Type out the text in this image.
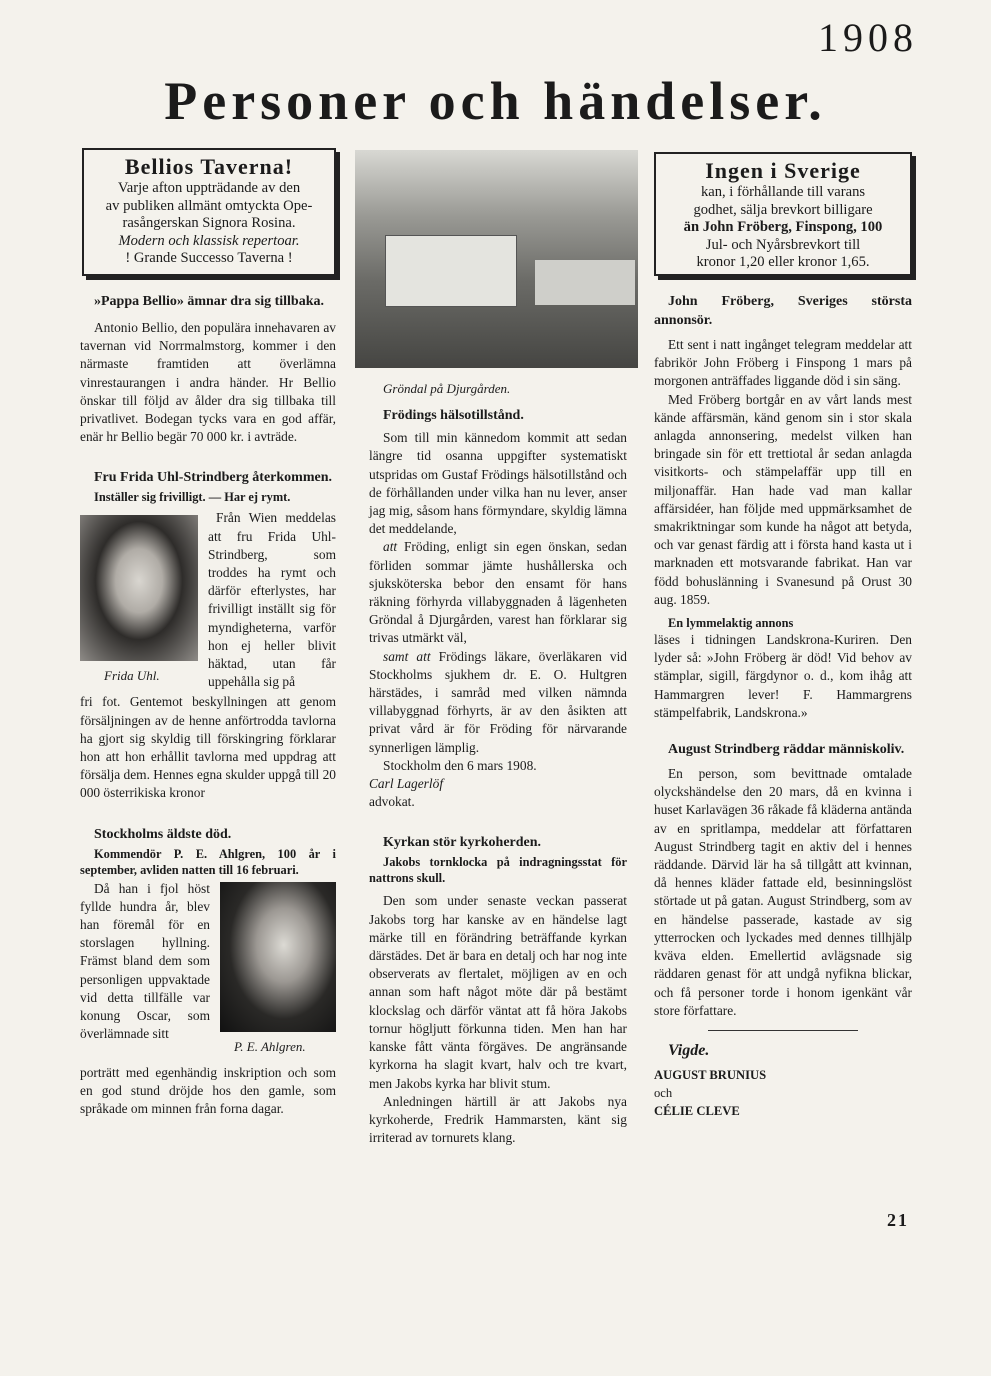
1908
Personer och händelser.
Bellios Taverna!
Varje afton uppträdande av den
av publiken allmänt omtyckta Ope-
rasångerskan Signora Rosina.
Modern och klassisk repertoar.
! Grande Successo Taverna !
Ingen i Sverige
kan, i förhållande till varans
godhet, sälja brevkort billigare
än John Fröberg, Finspong, 100
Jul- och Nyårsbrevkort till
kronor 1,20 eller kronor 1,65.

»Pappa Bellio» ämnar dra sig tillbaka.

Antonio Bellio, den populära innehavaren av tavernan vid Norrmalmstorg, kommer i den närmaste framtiden att överlämna vinrestaurangen i andra händer. Hr Bellio önskar till följd av ålder dra sig tillbaka till privatlivet. Bodegan tycks vara en god affär, enär hr Bellio begär 70 000 kr. i avträde.

Fru Frida Uhl-Strindberg återkommen.

Inställer sig frivilligt. — Har ej rymt.

Frida Uhl.

Från Wien meddelas att fru Frida Uhl-Strindberg, som troddes ha rymt och därför efterlystes, har frivilligt inställt sig för myndigheterna, varför hon ej heller blivit häktad, utan får uppehålla sig på

fri fot. Gentemot beskyllningen att genom försäljningen av de henne anförtrodda tavlorna ha gjort sig skyldig till förskingring förklarar hon att hon erhållit tavlorna med uppdrag att försälja dem. Hennes egna skulder uppgå till 20 000 österrikiska kronor

Stockholms äldste död.

Kommendör P. E. Ahlgren, 100 år i september, avliden natten till 16 februari.

Då han i fjol höst fyllde hundra år, blev han föremål för en storslagen hyllning. Främst bland dem som personligen uppvaktade vid detta tillfälle var konung Oscar, som överlämnade sitt

P. E. Ahlgren.

porträtt med egenhändig inskription och som en god stund dröjde hos den gamle, som språkade om minnen från forna dagar.

Gröndal på Djurgården.

Frödings hälsotillstånd.

Som till min kännedom kommit att sedan längre tid osanna uppgifter systematiskt utspridas om Gustaf Frödings hälsotillstånd och de förhållanden under vilka han nu lever, anser jag mig, såsom hans förmyndare, skyldig lämna det meddelande,

att Fröding, enligt sin egen önskan, sedan förliden sommar jämte hushållerska och sjuksköterska bebor den ensamt för hans räkning förhyrda villabyggnaden å lägenheten Gröndal å Djurgården, varest han förklarar sig trivas utmärkt väl,

samt att Frödings läkare, överläkaren vid Stockholms sjukhem dr. E. O. Hultgren härstädes, i samråd med vilken nämnda villabyggnad förhyrts, är av den åsikten att privat vård är för Fröding för närvarande synnerligen lämplig.

Stockholm den 6 mars 1908.

Carl Lagerlöf

advokat.

Kyrkan stör kyrkoherden.

Jakobs tornklocka på indragningsstat för nattrons skull.

Den som under senaste veckan passerat Jakobs torg har kanske av en händelse lagt märke till en förändring beträffande kyrkan därstädes. Det är bara en detalj och har nog inte observerats av flertalet, möjligen av en och annan som haft något möte där på bestämt klockslag och därför väntat att få höra Jakobs tornur högljutt förkunna tiden. Men han har kanske fått vänta förgäves. De angränsande kyrkorna ha slagit kvart, halv och tre kvart, men Jakobs kyrka har blivit stum.

Anledningen härtill är att Jakobs nya kyrkoherde, Fredrik Hammarsten, känt sig irriterad av tornurets klang.

John Fröberg, Sveriges största annonsör.

Ett sent i natt ingånget telegram meddelar att fabrikör John Fröberg i Finspong 1 mars på morgonen anträffades liggande död i sin säng.

Med Fröberg bortgår en av vårt lands mest kände affärsmän, känd genom sin i stor skala anlagda annonsering, medelst vilken han bringade sin för ett trettiotal år sedan anlagda visitkorts- och stämpelaffär upp till en miljonaffär. Han hade vad man kallar affärsidéer, han följde med uppmärksamhet de smakriktningar som kunde ha något att betyda, och var genast färdig att i första hand kasta ut i marknaden ett motsvarande fabrikat. Han var född bohuslänning i Svanesund på Orust 30 aug. 1859.

En lymmelaktig annons

läses i tidningen Landskrona-Kuriren. Den lyder så: »John Fröberg är död! Vid behov av stämplar, sigill, färgdynor o. d., kom ihåg att Hammargren lever! F. Hammargrens stämpelfabrik, Landskrona.»

August Strindberg räddar människoliv.

En person, som bevittnade omtalade olyckshändelse den 20 mars, då en kvinna i huset Karlavägen 36 råkade få kläderna antända av en spritlampa, meddelar att författaren August Strindberg tagit en aktiv del i hennes räddande. Därvid lär ha så tillgått att kvinnan, då hennes kläder fattade eld, besinningslöst störtade ut på gatan. August Strindberg, som av en händelse passerade, kastade av sig ytterrocken och lyckades med dennes tillhjälp kväva elden. Emellertid avlägsnade sig räddaren genast för att undgå nyfikna blickar, och få personer torde i honom igenkänt vår store författare.

Vigde.

AUGUST BRUNIUS

och

CÉLIE CLEVE

21
